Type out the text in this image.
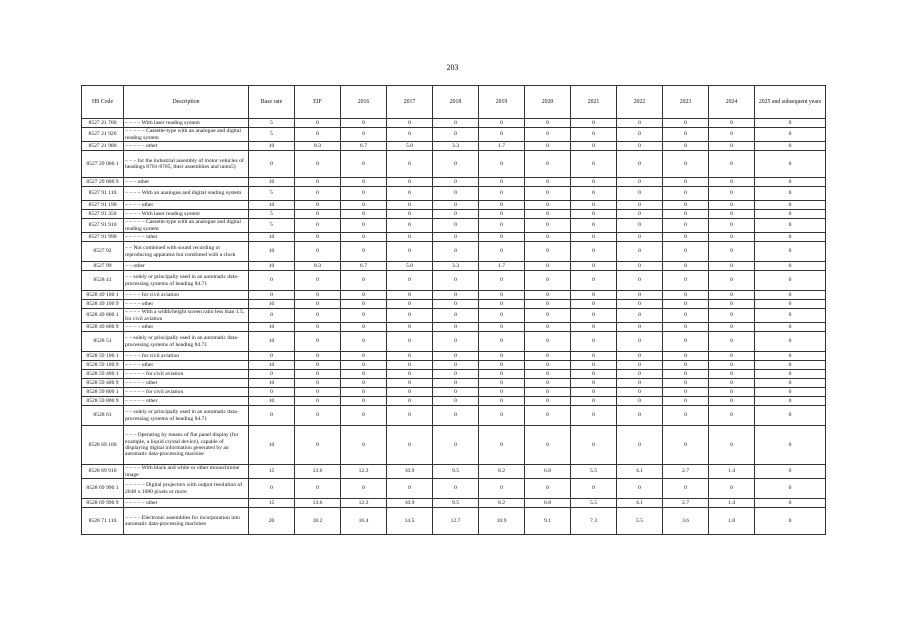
203
HS Code	Description	Base rate	EIF	2016	2017	2018	2019	2020	2021	2022	2023	2024	2025 and subsequent years
8527 21 700	– – – – With laser reading system	5	0	0	0	0	0	0	0	0	0	0	0
8527 21 920	– – – – – Cassette-type with an analogue and digital reading system	5	0	0	0	0	0	0	0	0	0	0	0
8527 21 980	– – – – – other	10	8.3	6.7	5.0	3.3	1.7	0	0	0	0	0	0
8527 29 000 1	– – – for the industrial assembly of motor vehicles of headings 8701-8705, their assemblies and units5)	0	0	0	0	0	0	0	0	0	0	0	0
8527 29 000 9	– – – other	10	0	0	0	0	0	0	0	0	0	0	0
8527 91 110	– – – – With an analogue and digital reading system	5	0	0	0	0	0	0	0	0	0	0	0
8527 91 190	– – – – other	10	0	0	0	0	0	0	0	0	0	0	0
8527 91 350	– – – – With laser reading system	5	0	0	0	0	0	0	0	0	0	0	0
8527 91 910	– – – – – Cassette-type with an analogue and digital reading system	5	0	0	0	0	0	0	0	0	0	0	0
8527 91 990	– – – – – other	10	0	0	0	0	0	0	0	0	0	0	0
8527 92	– – Not combined with sound recording or reproducing apparatus but combined with a clock	10	0	0	0	0	0	0	0	0	0	0	0
8527 99	– – other	10	8.3	6.7	5.0	3.3	1.7	0	0	0	0	0	0
8528 41	– – solely or principally used in an automatic data-processing systems of heading 84.71	0	0	0	0	0	0	0	0	0	0	0	0
8528 49 100 1	– – – – for civil aviation	0	0	0	0	0	0	0	0	0	0	0	0
8528 49 100 9	– – – – other	10	0	0	0	0	0	0	0	0	0	0	0
8528 49 800 1	– – – – With a width/height screen ratio less than 1.5, for civil aviation	0	0	0	0	0	0	0	0	0	0	0	0
8528 49 800 9	– – – – other	10	0	0	0	0	0	0	0	0	0	0	0
8528 51	– – solely or principally used in an automatic data-processing systems of heading 84.71	10	0	0	0	0	0	0	0	0	0	0	0
8528 59 100 1	– – – – for civil aviation	0	0	0	0	0	0	0	0	0	0	0	0
8528 59 100 9	– – – – other	10	0	0	0	0	0	0	0	0	0	0	0
8528 59 400 1	– – – – – for civil aviation	0	0	0	0	0	0	0	0	0	0	0	0
8528 59 400 9	– – – – – other	10	0	0	0	0	0	0	0	0	0	0	0
8528 59 800 1	– – – – – for civil aviation	0	0	0	0	0	0	0	0	0	0	0	0
8528 59 800 9	– – – – – other	10	0	0	0	0	0	0	0	0	0	0	0
8528 61	– – solely or principally used in an automatic data-processing systems of heading 84.71	0	0	0	0	0	0	0	0	0	0	0	0
8528 69 100	– – – Operating by means of flat panel display (for example, a liquid crystal device), capable of displaying digital information generated by an automatic data-processing machine	10	0	0	0	0	0	0	0	0	0	0	0
8528 69 910	– – – – With black and white or other monochrome image	15	13.6	12.3	10.9	9.5	8.2	6.8	5.5	4.1	2.7	1.4	0
8528 69 990 1	– – – – – Digital projectors with output resolution of 2048 x 1080 pixels or more	0	0	0	0	0	0	0	0	0	0	0	0
8528 69 990 9	– – – – – other	15	13.6	12.3	10.9	9.5	8.2	6.8	5.5	4.1	2.7	1.4	0
8528 71 110	– – – – Electronic assemblies for incorporation into automatic data-processing machines	20	18.2	16.4	14.5	12.7	10.9	9.1	7.3	5.5	3.6	1.8	0
